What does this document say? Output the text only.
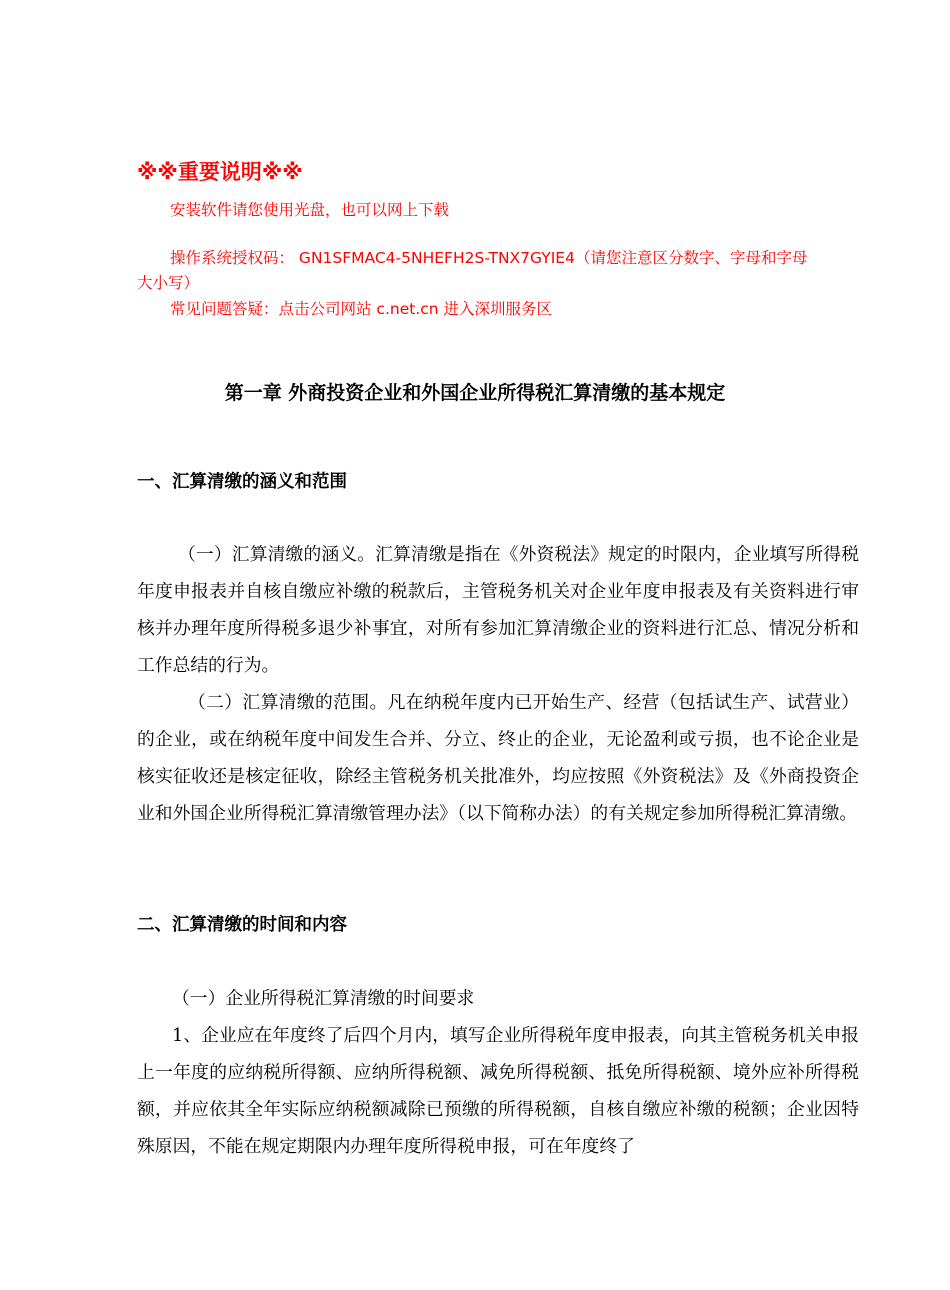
※※重要说明※※
安装软件请您使用光盘，也可以网上下载
操作系统授权码： GN1SFMAC4-5NHEFH2S-TNX7GYIE4（请您注意区分数字、字母和字母
大小写）
常见问题答疑：点击公司网站 c.net.cn 进入深圳服务区
第一章 外商投资企业和外国企业所得税汇算清缴的基本规定
一、汇算清缴的涵义和范围

（一）汇算清缴的涵义。汇算清缴是指在《外资税法》规定的时限内，企业填写所得税年度申报表并自核自缴应补缴的税款后，主管税务机关对企业年度申报表及有关资料进行审核并办理年度所得税多退少补事宜，对所有参加汇算清缴企业的资料进行汇总、情况分析和工作总结的行为。

（二）汇算清缴的范围。凡在纳税年度内已开始生产、经营（包括试生产、试营业）的企业，或在纳税年度中间发生合并、分立、终止的企业，无论盈利或亏损，也不论企业是核实征收还是核定征收，除经主管税务机关批准外，均应按照《外资税法》及《外商投资企业和外国企业所得税汇算清缴管理办法》（以下简称办法）的有关规定参加所得税汇算清缴。

二、汇算清缴的时间和内容

（一）企业所得税汇算清缴的时间要求

1、企业应在年度终了后四个月内，填写企业所得税年度申报表，向其主管税务机关申报上一年度的应纳税所得额、应纳所得税额、减免所得税额、抵免所得税额、境外应补所得税额，并应依其全年实际应纳税额减除已预缴的所得税额，自核自缴应补缴的税额；企业因特殊原因，不能在规定期限内办理年度所得税申报，可在年度终了
